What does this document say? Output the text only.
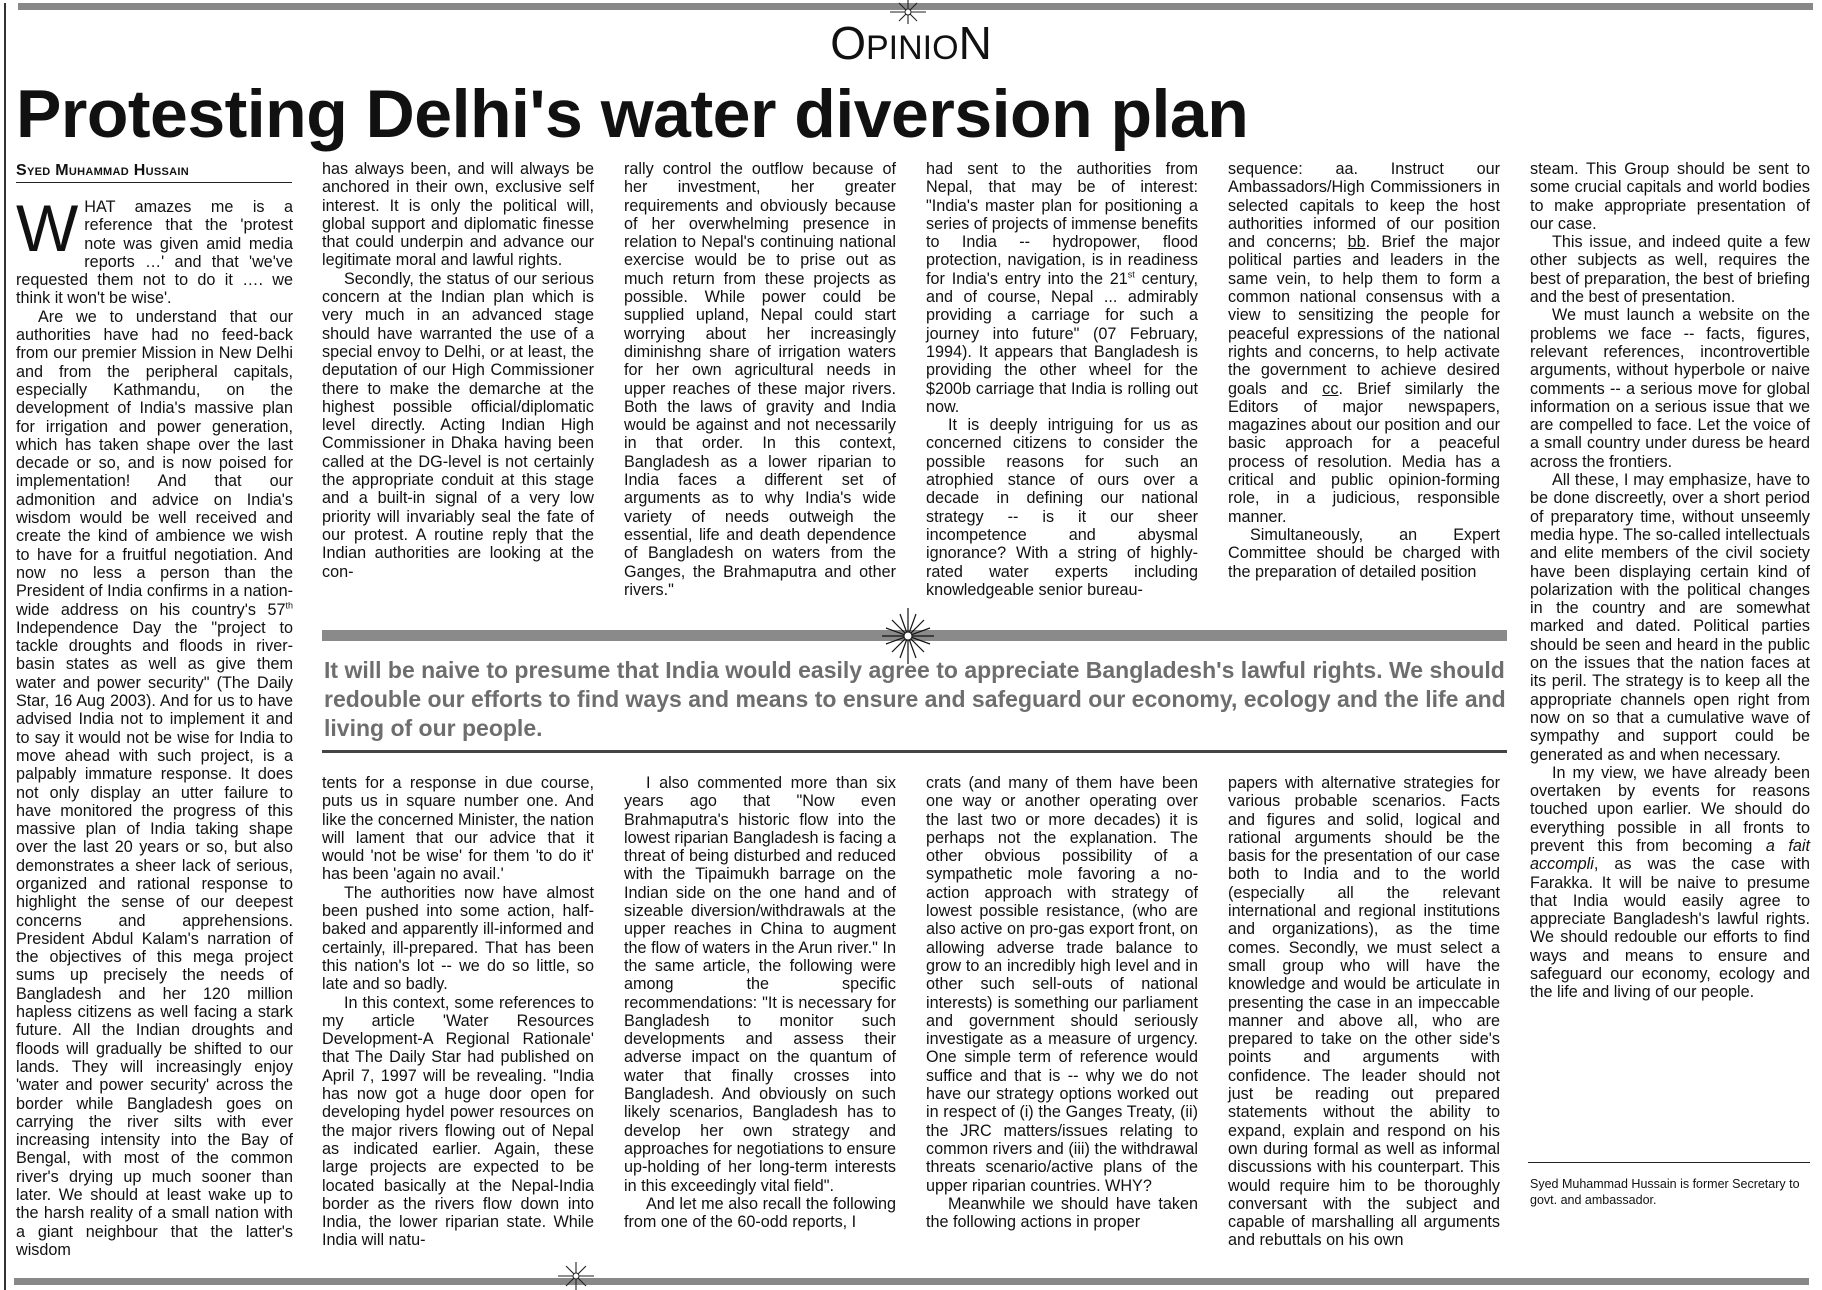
OPINION
Protesting Delhi's water diversion plan
Syed Muhammad Hussain

WHAT amazes me is a reference that the 'protest note was given amid media reports …' and that 'we've requested them not to do it …. we think it won't be wise'.

Are we to understand that our authorities have had no feed-back from our premier Mission in New Delhi and from the peripheral capitals, especially Kathmandu, on the development of India's massive plan for irrigation and power generation, which has taken shape over the last decade or so, and is now poised for implementation! And that our admonition and advice on India's wisdom would be well received and create the kind of ambience we wish to have for a fruitful negotiation. And now no less a person than the President of India confirms in a nation-wide address on his country's 57th Independence Day the "project to tackle droughts and floods in river-basin states as well as give them water and power security" (The Daily Star, 16 Aug 2003). And for us to have advised India not to implement it and to say it would not be wise for India to move ahead with such project, is a palpably immature response. It does not only display an utter failure to have monitored the progress of this massive plan of India taking shape over the last 20 years or so, but also demonstrates a sheer lack of serious, organized and rational response to highlight the sense of our deepest concerns and apprehensions. President Abdul Kalam's narration of the objectives of this mega project sums up precisely the needs of Bangladesh and her 120 million hapless citizens as well facing a stark future. All the Indian droughts and floods will gradually be shifted to our lands. They will increasingly enjoy 'water and power security' across the border while Bangladesh goes on carrying the river silts with ever increasing intensity into the Bay of Bengal, with most of the common river's drying up much sooner than later. We should at least wake up to the harsh reality of a small nation with a giant neighbour that the latter's wisdom

has always been, and will always be anchored in their own, exclusive self interest. It is only the political will, global support and diplomatic finesse that could underpin and advance our legitimate moral and lawful rights.

Secondly, the status of our serious concern at the Indian plan which is very much in an advanced stage should have warranted the use of a special envoy to Delhi, or at least, the deputation of our High Commissioner there to make the demarche at the highest possible official/diplomatic level directly. Acting Indian High Commissioner in Dhaka having been called at the DG-level is not certainly the appropriate conduit at this stage and a built-in signal of a very low priority will invariably seal the fate of our protest. A routine reply that the Indian authorities are looking at the con-

rally control the outflow because of her investment, her greater requirements and obviously because of her overwhelming presence in relation to Nepal's continuing national exercise would be to prise out as much return from these projects as possible. While power could be supplied upland, Nepal could start worrying about her increasingly diminishng share of irrigation waters for her own agricultural needs in upper reaches of these major rivers. Both the laws of gravity and India would be against and not necessarily in that order. In this context, Bangladesh as a lower riparian to India faces a different set of arguments as to why India's wide variety of needs outweigh the essential, life and death dependence of Bangladesh on waters from the Ganges, the Brahmaputra and other rivers."

had sent to the authorities from Nepal, that may be of interest: "India's master plan for positioning a series of projects of immense benefits to India -- hydropower, flood protection, navigation, is in readiness for India's entry into the 21st century, and of course, Nepal ... admirably providing a carriage for such a journey into future" (07 February, 1994). It appears that Bangladesh is providing the other wheel for the $200b carriage that India is rolling out now.

It is deeply intriguing for us as concerned citizens to consider the possible reasons for such an atrophied stance of ours over a decade in defining our national strategy -- is it our sheer incompetence and abysmal ignorance? With a string of highly-rated water experts including knowledgeable senior bureau-

sequence: aa. Instruct our Ambassadors/High Commissioners in selected capitals to keep the host authorities informed of our position and concerns; bb. Brief the major political parties and leaders in the same vein, to help them to form a common national consensus with a view to sensitizing the people for peaceful expressions of the national rights and concerns, to help activate the government to achieve desired goals and cc. Brief similarly the Editors of major newspapers, magazines about our position and our basic approach for a peaceful process of resolution. Media has a critical and public opinion-forming role, in a judicious, responsible manner.

Simultaneously, an Expert Committee should be charged with the preparation of detailed position

It will be naive to presume that India would easily agree to appreciate Bangladesh's lawful rights. We should redouble our efforts to find ways and means to ensure and safeguard our economy, ecology and the life and living of our people.

tents for a response in due course, puts us in square number one. And like the concerned Minister, the nation will lament that our advice that it would 'not be wise' for them 'to do it' has been 'again no avail.'

The authorities now have almost been pushed into some action, half-baked and apparently ill-informed and certainly, ill-prepared. That has been this nation's lot -- we do so little, so late and so badly.

In this context, some references to my article 'Water Resources Development-A Regional Rationale' that The Daily Star had published on April 7, 1997 will be revealing. "India has now got a huge door open for developing hydel power resources on the major rivers flowing out of Nepal as indicated earlier. Again, these large projects are expected to be located basically at the Nepal-India border as the rivers flow down into India, the lower riparian state. While India will natu-

I also commented more than six years ago that "Now even Brahmaputra's historic flow into the lowest riparian Bangladesh is facing a threat of being disturbed and reduced with the Tipaimukh barrage on the Indian side on the one hand and of sizeable diversion/withdrawals at the upper reaches in China to augment the flow of waters in the Arun river." In the same article, the following were among the specific recommendations: "It is necessary for Bangladesh to monitor such developments and assess their adverse impact on the quantum of water that finally crosses into Bangladesh. And obviously on such likely scenarios, Bangladesh has to develop her own strategy and approaches for negotiations to ensure up-holding of her long-term interests in this exceedingly vital field".

And let me also recall the following from one of the 60-odd reports, I

crats (and many of them have been one way or another operating over the last two or more decades) it is perhaps not the explanation. The other obvious possibility of a sympathetic mole favoring a no-action approach with strategy of lowest possible resistance, (who are also active on pro-gas export front, on allowing adverse trade balance to grow to an incredibly high level and in other such sell-outs of national interests) is something our parliament and government should seriously investigate as a measure of urgency. One simple term of reference would suffice and that is -- why we do not have our strategy options worked out in respect of (i) the Ganges Treaty, (ii) the JRC matters/issues relating to common rivers and (iii) the withdrawal threats scenario/active plans of the upper riparian countries. WHY?

Meanwhile we should have taken the following actions in proper

papers with alternative strategies for various probable scenarios. Facts and figures and solid, logical and rational arguments should be the basis for the presentation of our case both to India and to the world (especially all the relevant international and regional institutions and organizations), as the time comes. Secondly, we must select a small group who will have the knowledge and would be articulate in presenting the case in an impeccable manner and above all, who are prepared to take on the other side's points and arguments with confidence. The leader should not just be reading out prepared statements without the ability to expand, explain and respond on his own during formal as well as informal discussions with his counterpart. This would require him to be thoroughly conversant with the subject and capable of marshalling all arguments and rebuttals on his own

steam. This Group should be sent to some crucial capitals and world bodies to make appropriate presentation of our case.

This issue, and indeed quite a few other subjects as well, requires the best of preparation, the best of briefing and the best of presentation.

We must launch a website on the problems we face -- facts, figures, relevant references, incontrovertible arguments, without hyperbole or naive comments -- a serious move for global information on a serious issue that we are compelled to face. Let the voice of a small country under duress be heard across the frontiers.

All these, I may emphasize, have to be done discreetly, over a short period of preparatory time, without unseemly media hype. The so-called intellectuals and elite members of the civil society have been displaying certain kind of polarization with the political changes in the country and are somewhat marked and dated. Political parties should be seen and heard in the public on the issues that the nation faces at its peril. The strategy is to keep all the appropriate channels open right from now on so that a cumulative wave of sympathy and support could be generated as and when necessary.

In my view, we have already been overtaken by events for reasons touched upon earlier. We should do everything possible in all fronts to prevent this from becoming a fait accompli, as was the case with Farakka. It will be naive to presume that India would easily agree to appreciate Bangladesh's lawful rights. We should redouble our efforts to find ways and means to ensure and safeguard our economy, ecology and the life and living of our people.

Syed Muhammad Hussain is former Secretary to govt. and ambassador.
